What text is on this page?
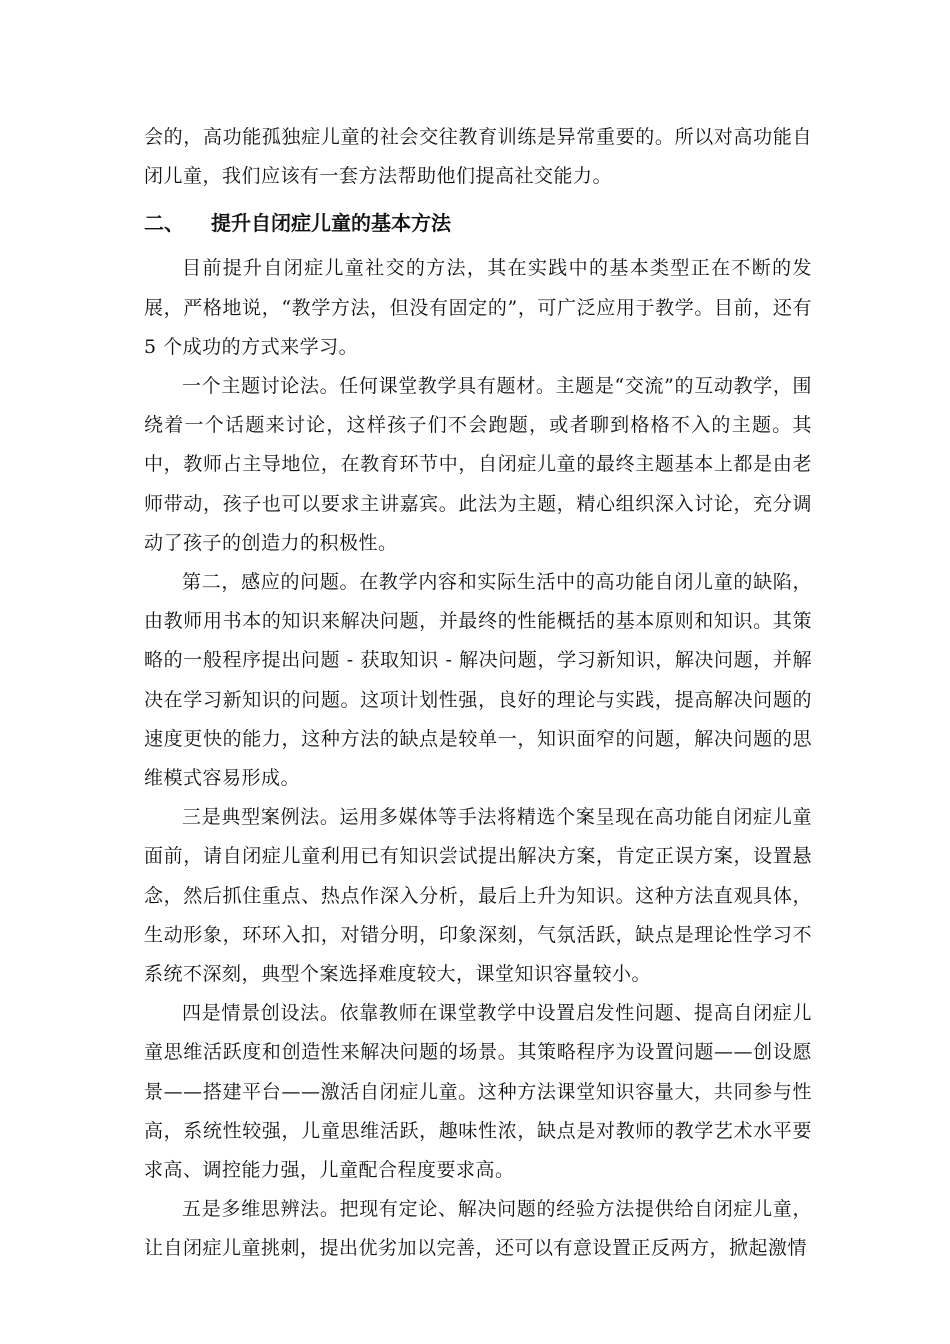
会的，高功能孤独症儿童的社会交往教育训练是异常重要的。所以对高功能自闭儿童，我们应该有一套方法帮助他们提高社交能力。

二、	提升自闭症儿童的基本方法

目前提升自闭症儿童社交的方法，其在实践中的基本类型正在不断的发展，严格地说，“教学方法，但没有固定的”，可广泛应用于教学。目前，还有 5 个成功的方式来学习。

一个主题讨论法。任何课堂教学具有题材。主题是“交流”的互动教学，围绕着一个话题来讨论，这样孩子们不会跑题，或者聊到格格不入的主题。其中，教师占主导地位，在教育环节中，自闭症儿童的最终主题基本上都是由老师带动，孩子也可以要求主讲嘉宾。此法为主题，精心组织深入讨论，充分调动了孩子的创造力的积极性。

第二，感应的问题。在教学内容和实际生活中的高功能自闭儿童的缺陷，由教师用书本的知识来解决问题，并最终的性能概括的基本原则和知识。其策略的一般程序提出问题 - 获取知识 - 解决问题，学习新知识，解决问题，并解决在学习新知识的问题。这项计划性强，良好的理论与实践，提高解决问题的速度更快的能力，这种方法的缺点是较单一，知识面窄的问题，解决问题的思维模式容易形成。

三是典型案例法。运用多媒体等手法将精选个案呈现在高功能自闭症儿童面前，请自闭症儿童利用已有知识尝试提出解决方案，肯定正误方案，设置悬念，然后抓住重点、热点作深入分析，最后上升为知识。这种方法直观具体，生动形象，环环入扣，对错分明，印象深刻，气氛活跃，缺点是理论性学习不系统不深刻，典型个案选择难度较大，课堂知识容量较小。

四是情景创设法。依靠教师在课堂教学中设置启发性问题、提高自闭症儿童思维活跃度和创造性来解决问题的场景。其策略程序为设置问题——创设愿景——搭建平台——激活自闭症儿童。这种方法课堂知识容量大，共同参与性高，系统性较强，儿童思维活跃，趣味性浓，缺点是对教师的教学艺术水平要求高、调控能力强，儿童配合程度要求高。

五是多维思辨法。把现有定论、解决问题的经验方法提供给自闭症儿童，让自闭症儿童挑刺，提出优劣加以完善，还可以有意设置正反两方，掀起激情
